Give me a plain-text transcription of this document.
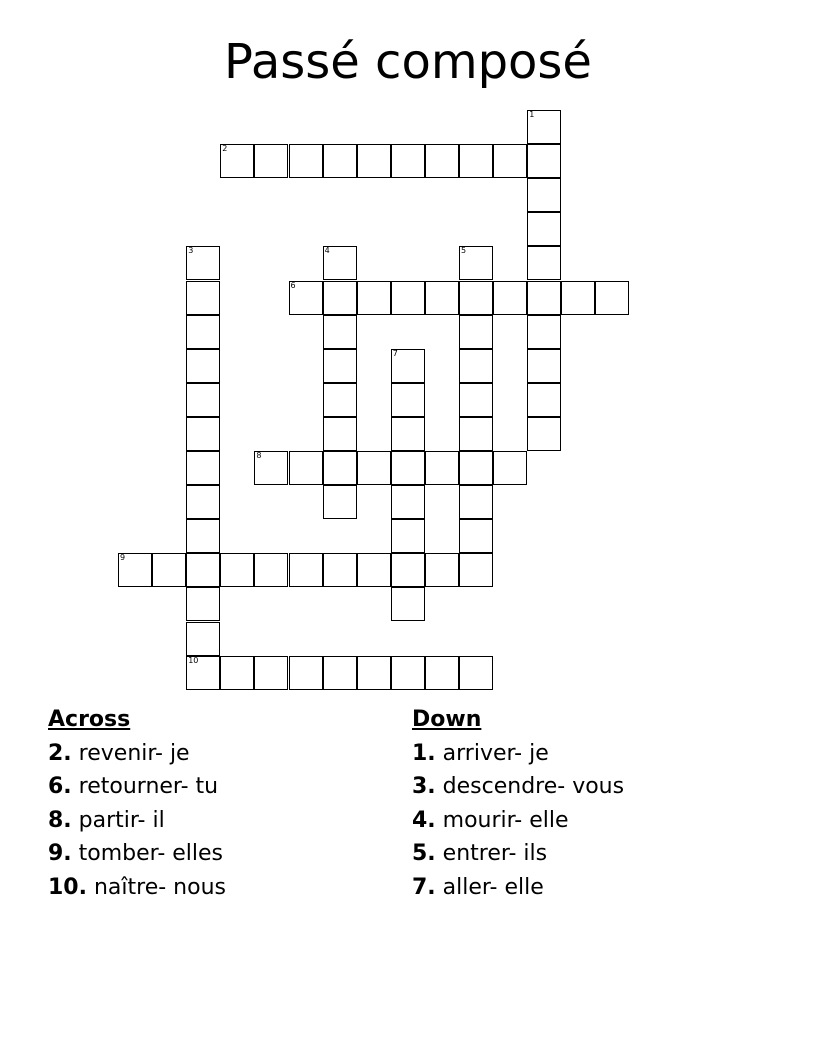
Passé composé
1
2
3
10
4	5
6
7
8
9
Across
2. revenir- je
6. retourner- tu
8. partir- il
9. tomber- elles
10. naître- nous
Down
1. arriver- je
3. descendre- vous
4. mourir- elle
5. entrer- ils
7. aller- elle
